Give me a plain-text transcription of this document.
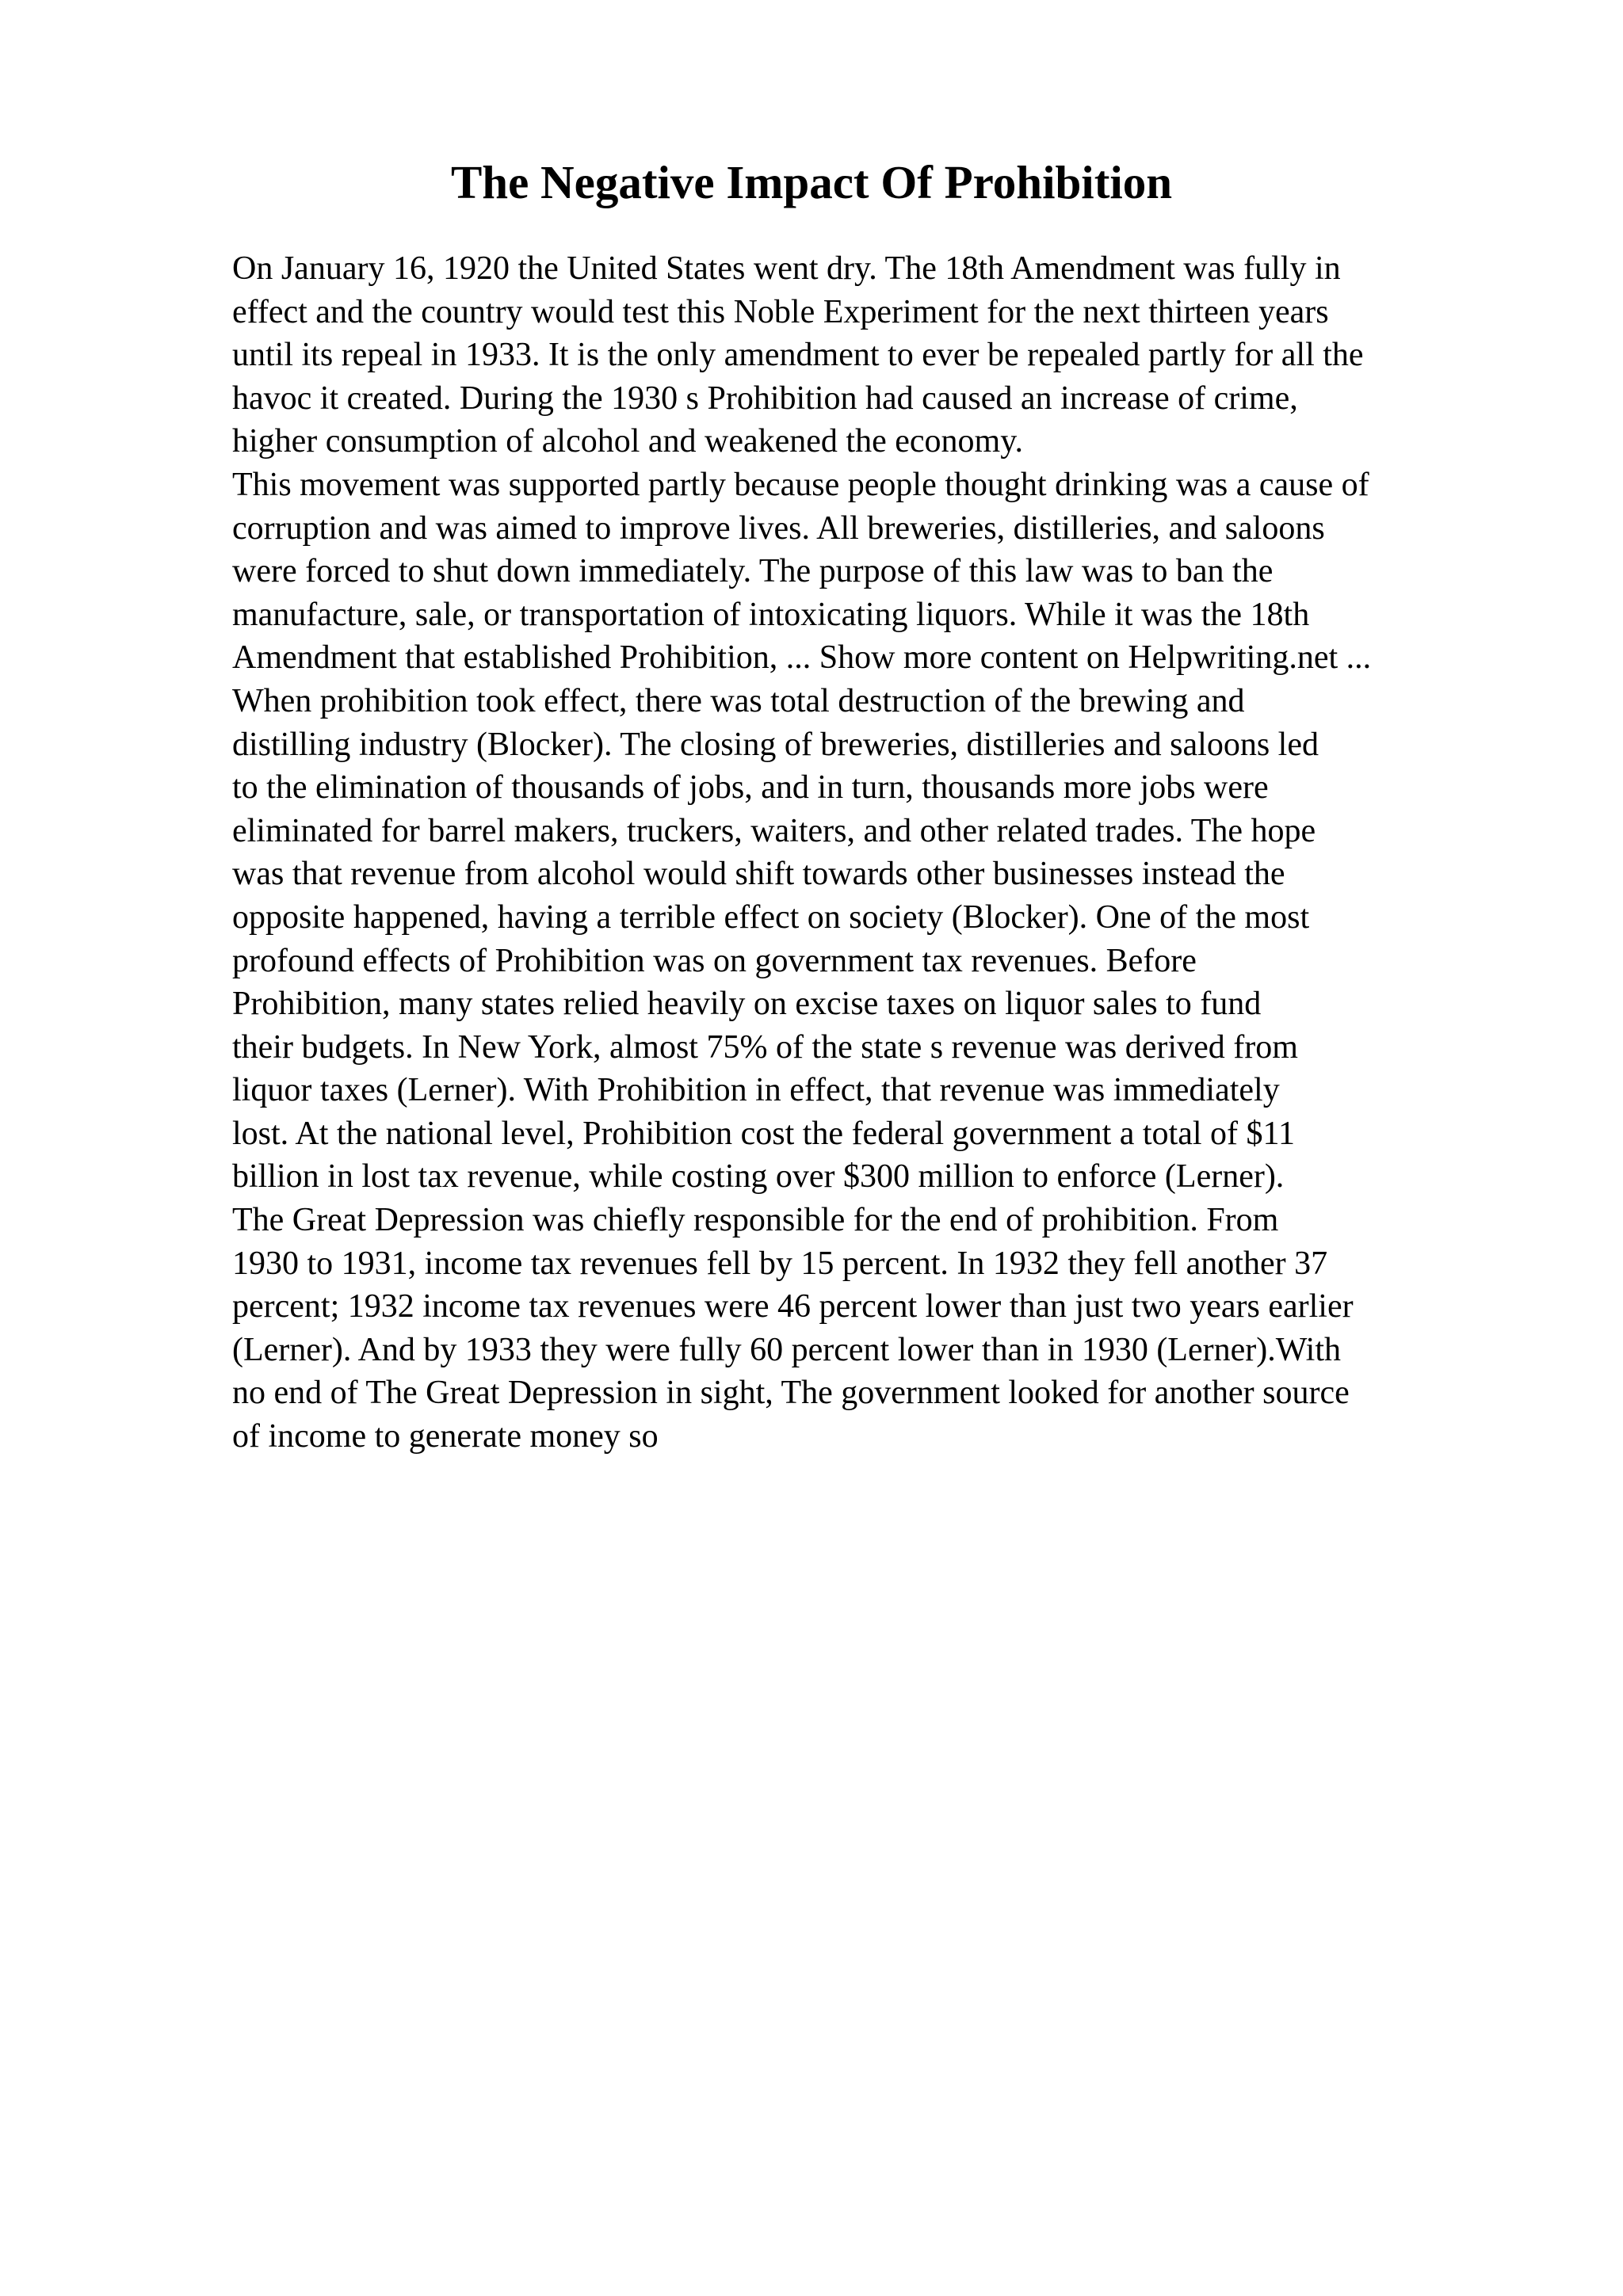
The Negative Impact Of Prohibition
On January 16, 1920 the United States went dry. The 18th Amendment was fully in
effect and the country would test this Noble Experiment for the next thirteen years
until its repeal in 1933. It is the only amendment to ever be repealed partly for all the
havoc it created. During the 1930 s Prohibition had caused an increase of crime,
higher consumption of alcohol and weakened the economy.
This movement was supported partly because people thought drinking was a cause of
corruption and was aimed to improve lives. All breweries, distilleries, and saloons
were forced to shut down immediately. The purpose of this law was to ban the
manufacture, sale, or transportation of intoxicating liquors. While it was the 18th
Amendment that established Prohibition, ... Show more content on Helpwriting.net ...
When prohibition took effect, there was total destruction of the brewing and
distilling industry (Blocker). The closing of breweries, distilleries and saloons led
to the elimination of thousands of jobs, and in turn, thousands more jobs were
eliminated for barrel makers, truckers, waiters, and other related trades. The hope
was that revenue from alcohol would shift towards other businesses instead the
opposite happened, having a terrible effect on society (Blocker). One of the most
profound effects of Prohibition was on government tax revenues. Before
Prohibition, many states relied heavily on excise taxes on liquor sales to fund
their budgets. In New York, almost 75% of the state s revenue was derived from
liquor taxes (Lerner). With Prohibition in effect, that revenue was immediately
lost. At the national level, Prohibition cost the federal government a total of $11
billion in lost tax revenue, while costing over $300 million to enforce (Lerner).
The Great Depression was chiefly responsible for the end of prohibition. From
1930 to 1931, income tax revenues fell by 15 percent. In 1932 they fell another 37
percent; 1932 income tax revenues were 46 percent lower than just two years earlier
(Lerner). And by 1933 they were fully 60 percent lower than in 1930 (Lerner).With
no end of The Great Depression in sight, The government looked for another source
of income to generate money so
